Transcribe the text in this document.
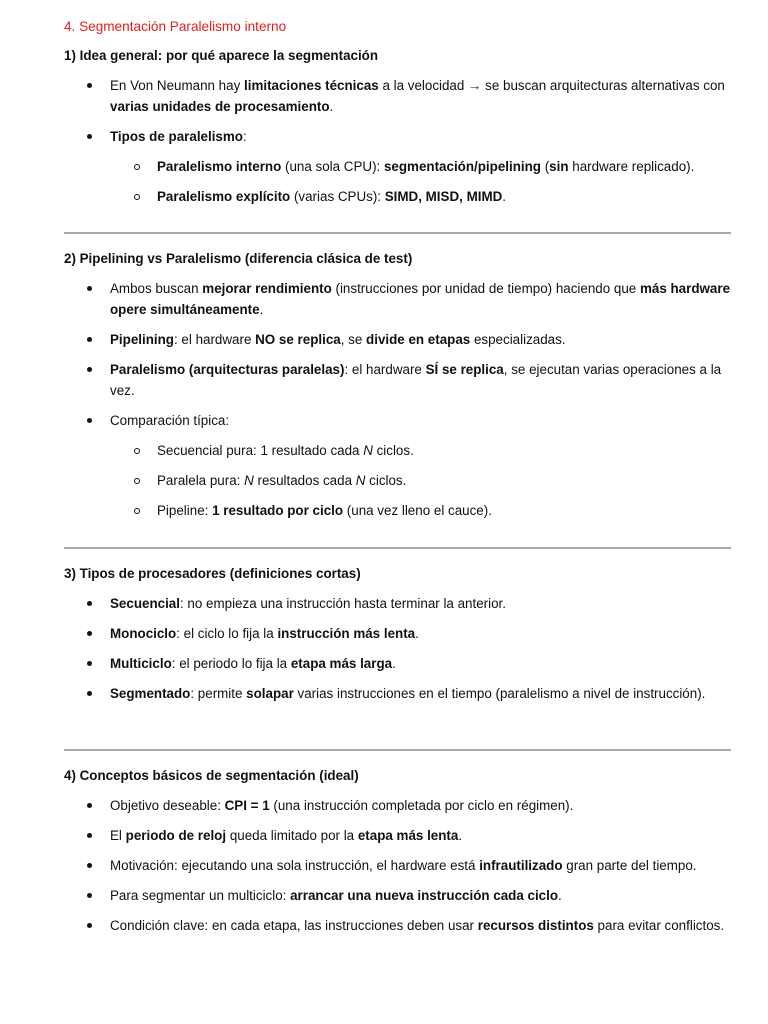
4. Segmentación Paralelismo interno

1) Idea general: por qué aparece la segmentación

En Von Neumann hay limitaciones técnicas a la velocidad → se buscan arquitecturas alternativas con varias unidades de procesamiento.
Tipos de paralelismo:
Paralelismo interno (una sola CPU): segmentación/pipelining (sin hardware replicado).
Paralelismo explícito (varias CPUs): SIMD, MISD, MIMD.

2) Pipelining vs Paralelismo (diferencia clásica de test)

Ambos buscan mejorar rendimiento (instrucciones por unidad de tiempo) haciendo que más hardware opere simultáneamente.
Pipelining: el hardware NO se replica, se divide en etapas especializadas.
Paralelismo (arquitecturas paralelas): el hardware SÍ se replica, se ejecutan varias operaciones a la vez.
Comparación típica:
Secuencial pura: 1 resultado cada N ciclos.
Paralela pura: N resultados cada N ciclos.
Pipeline: 1 resultado por ciclo (una vez lleno el cauce).

3) Tipos de procesadores (definiciones cortas)

Secuencial: no empieza una instrucción hasta terminar la anterior.
Monociclo: el ciclo lo fija la instrucción más lenta.
Multiciclo: el periodo lo fija la etapa más larga.
Segmentado: permite solapar varias instrucciones en el tiempo (paralelismo a nivel de instrucción).

4) Conceptos básicos de segmentación (ideal)

Objetivo deseable: CPI = 1 (una instrucción completada por ciclo en régimen).
El periodo de reloj queda limitado por la etapa más lenta.
Motivación: ejecutando una sola instrucción, el hardware está infrautilizado gran parte del tiempo.
Para segmentar un multiciclo: arrancar una nueva instrucción cada ciclo.
Condición clave: en cada etapa, las instrucciones deben usar recursos distintos para evitar conflictos.
